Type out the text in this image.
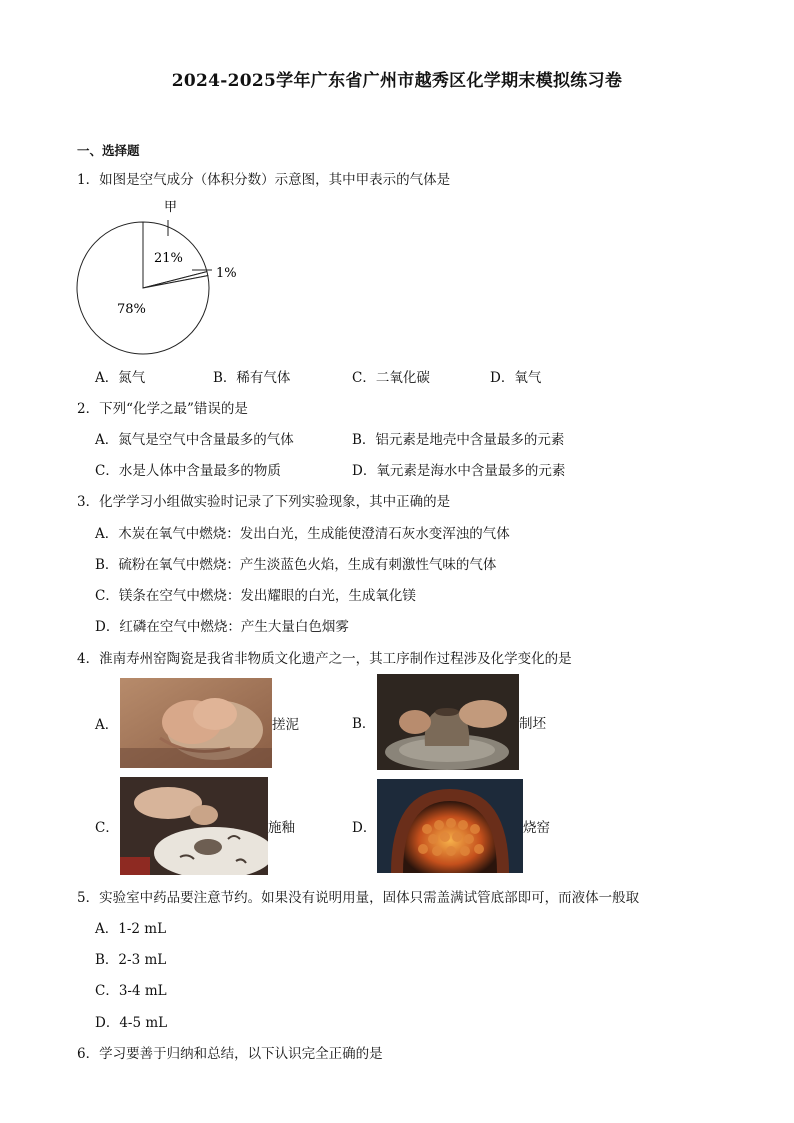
2024-2025学年广东省广州市越秀区化学期末模拟练习卷
一、选择题
1．如图是空气成分（体积分数）示意图，其中甲表示的气体是
甲
21%
1%
78%
A．氮气	B．稀有气体	C．二氧化碳	D．氧气
2．下列“化学之最”错误的是
A．氮气是空气中含量最多的气体	B．铝元素是地壳中含量最多的元素
C．水是人体中含量最多的物质	D．氧元素是海水中含量最多的元素
3．化学学习小组做实验时记录了下列实验现象，其中正确的是
A．木炭在氧气中燃烧：发出白光，生成能使澄清石灰水变浑浊的气体
B．硫粉在氧气中燃烧：产生淡蓝色火焰，生成有刺激性气味的气体
C．镁条在空气中燃烧：发出耀眼的白光，生成氧化镁
D．红磷在空气中燃烧：产生大量白色烟雾
4．淮南寿州窑陶瓷是我省非物质文化遗产之一，其工序制作过程涉及化学变化的是
A．	搓泥	B．	制坯
C．	施釉	D．	烧窑
5．实验室中药品要注意节约。如果没有说明用量，固体只需盖满试管底部即可，而液体一般取
A．1-2 mL
B．2-3 mL
C．3-4 mL
D．4-5 mL
6．学习要善于归纳和总结，以下认识完全正确的是
